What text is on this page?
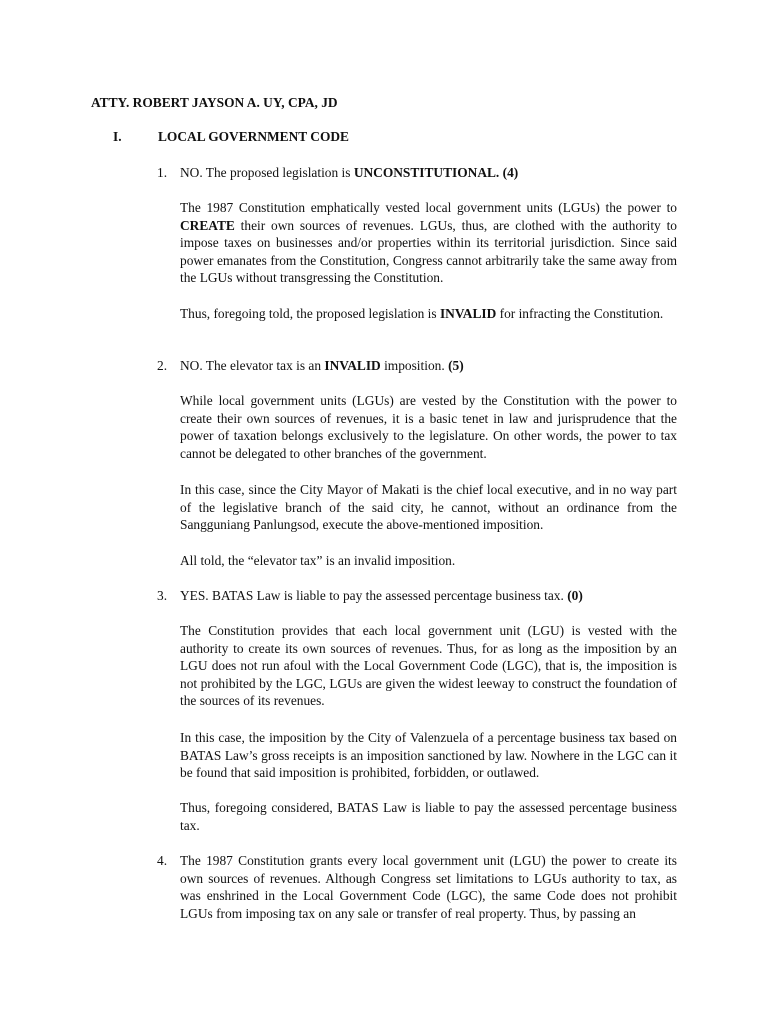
ATTY. ROBERT JAYSON A. UY, CPA, JD
I.	LOCAL GOVERNMENT CODE
1. NO. The proposed legislation is UNCONSTITUTIONAL. (4)

The 1987 Constitution emphatically vested local government units (LGUs) the power to CREATE their own sources of revenues. LGUs, thus, are clothed with the authority to impose taxes on businesses and/or properties within its territorial jurisdiction. Since said power emanates from the Constitution, Congress cannot arbitrarily take the same away from the LGUs without transgressing the Constitution.

Thus, foregoing told, the proposed legislation is INVALID for infracting the Constitution.

2. NO. The elevator tax is an INVALID imposition. (5)

While local government units (LGUs) are vested by the Constitution with the power to create their own sources of revenues, it is a basic tenet in law and jurisprudence that the power of taxation belongs exclusively to the legislature. On other words, the power to tax cannot be delegated to other branches of the government.

In this case, since the City Mayor of Makati is the chief local executive, and in no way part of the legislative branch of the said city, he cannot, without an ordinance from the Sangguniang Panlungsod, execute the above-mentioned imposition.

All told, the “elevator tax” is an invalid imposition.

3. YES. BATAS Law is liable to pay the assessed percentage business tax. (0)

The Constitution provides that each local government unit (LGU) is vested with the authority to create its own sources of revenues. Thus, for as long as the imposition by an LGU does not run afoul with the Local Government Code (LGC), that is, the imposition is not prohibited by the LGC, LGUs are given the widest leeway to construct the foundation of the sources of its revenues.

In this case, the imposition by the City of Valenzuela of a percentage business tax based on BATAS Law’s gross receipts is an imposition sanctioned by law. Nowhere in the LGC can it be found that said imposition is prohibited, forbidden, or outlawed.

Thus, foregoing considered, BATAS Law is liable to pay the assessed percentage business tax.

4. The 1987 Constitution grants every local government unit (LGU) the power to create its own sources of revenues. Although Congress set limitations to LGUs authority to tax, as was enshrined in the Local Government Code (LGC), the same Code does not prohibit LGUs from imposing tax on any sale or transfer of real property. Thus, by passing an
